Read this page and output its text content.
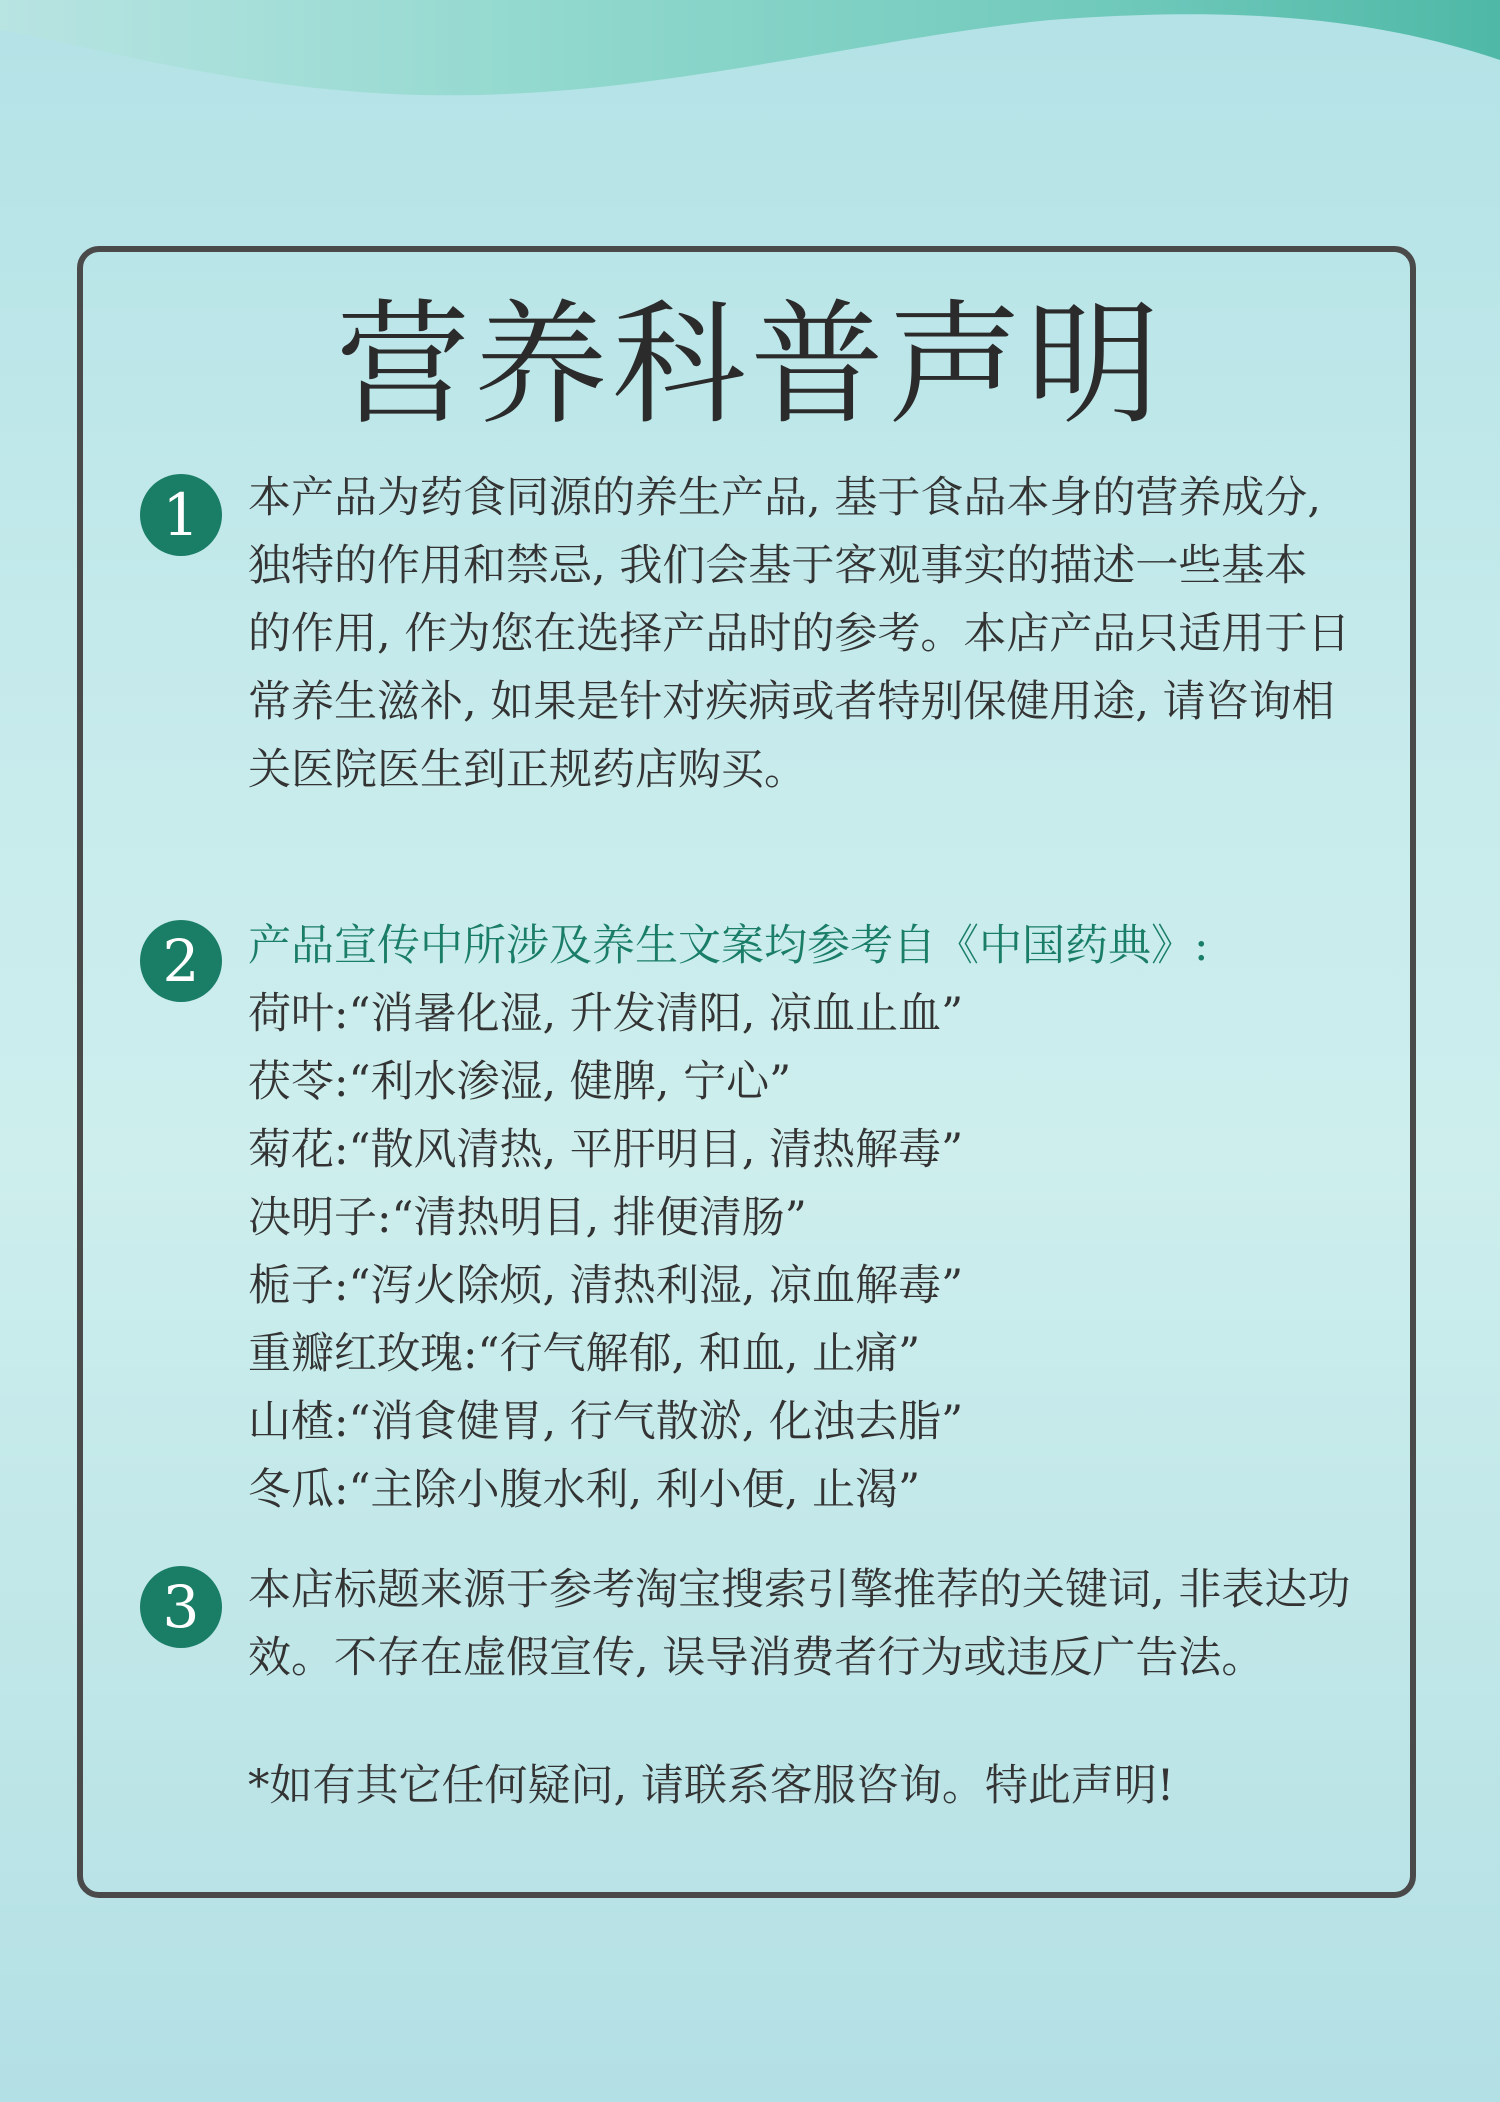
营养科普声明
1	本产品为药食同源的养生产品, 基于食品本身的营养成分,

独特的作用和禁忌, 我们会基于客观事实的描述一些基本

的作用, 作为您在选择产品时的参考。本店产品只适用于日

常养生滋补, 如果是针对疾病或者特别保健用途, 请咨询相

关医院医生到正规药店购买。

2	产品宣传中所涉及养生文案均参考自《中国药典》:

荷叶:“消暑化湿, 升发清阳, 凉血止血”

茯苓:“利水渗湿, 健脾, 宁心”

菊花:“散风清热, 平肝明目, 清热解毒”

决明子:“清热明目, 排便清肠”

栀子:“泻火除烦, 清热利湿, 凉血解毒”

重瓣红玫瑰:“行气解郁, 和血, 止痛”

山楂:“消食健胃, 行气散淤, 化浊去脂”

冬瓜:“主除小腹水利, 利小便, 止渴”

3	本店标题来源于参考淘宝搜索引擎推荐的关键词, 非表达功

效。不存在虚假宣传, 误导消费者行为或违反广告法。

*如有其它任何疑问, 请联系客服咨询。特此声明!
